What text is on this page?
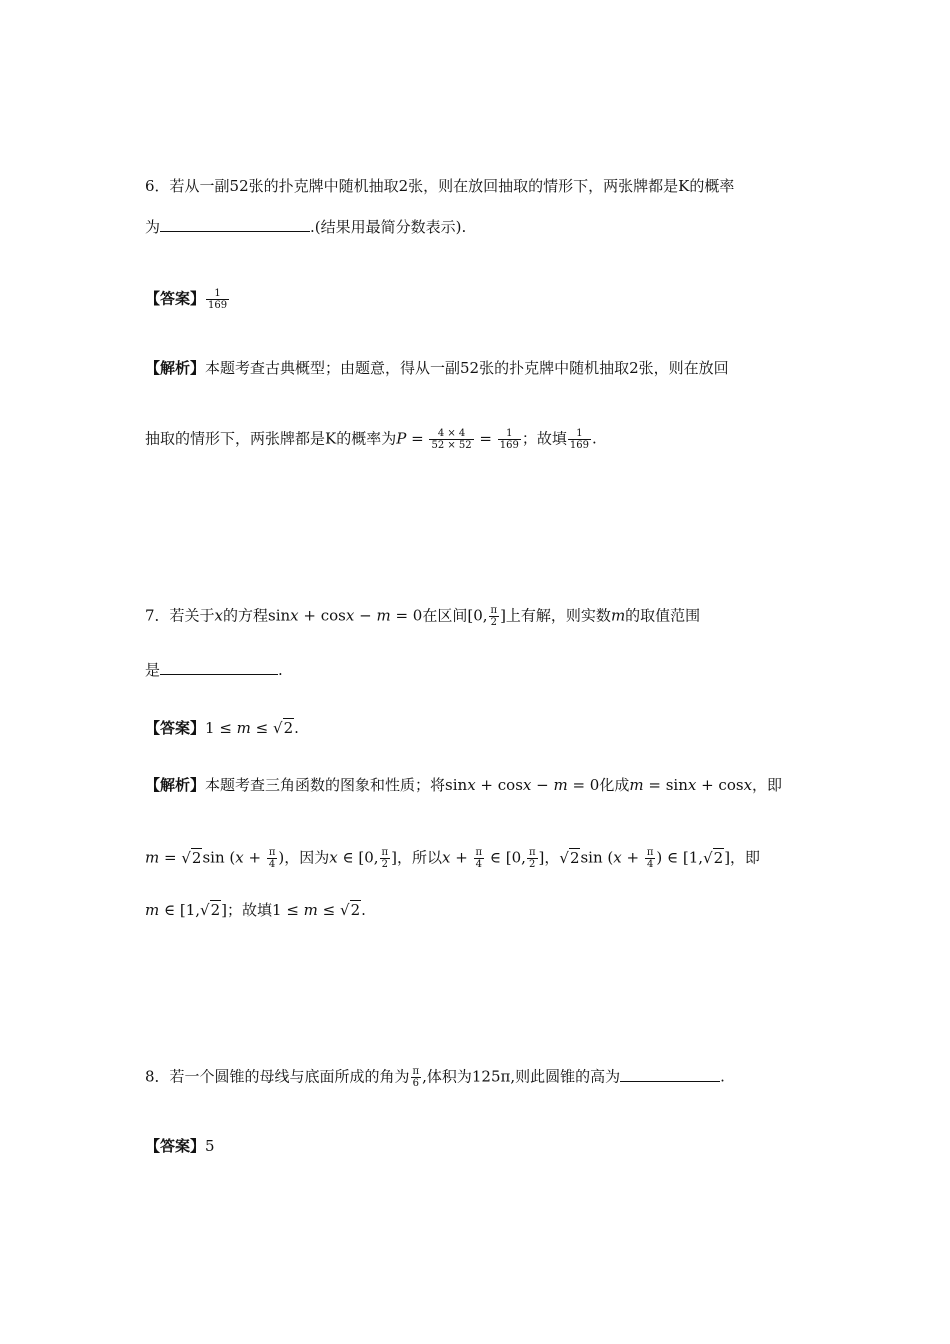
6．若从一副52张的扑克牌中随机抽取2张，则在放回抽取的情形下，两张牌都是K的概率
为	.(结果用最简分数表示).
【答案】 $\frac{1}{169}$
【解析】本题考查古典概型；由题意，得从一副52张的扑克牌中随机抽取2张，则在放回
抽取的情形下，两张牌都是K的概率为$P = \frac{4 \times 4}{52 \times 52} = \frac{1}{169}$ ；故填 $\frac{1}{169}$ .
7．若关于x的方程sinx + cosx − m = 0在区间[0, $\frac{\pi}{2}$ ]上有解，则实数m的取值范围
是	.
【答案】1 ≤ m ≤ √2.
【解析】本题考查三角函数的图象和性质；将sinx + cosx − m = 0化成m = sinx + cosx，即
m = √2sin ($x + \frac{\pi}{4}$ )，因为x ∈ [0, $\frac{\pi}{2}$ ]，所以$x + \frac{\pi}{4}$ ∈ [0, $\frac{\pi}{2}$ ]，√2sin ($x + \frac{\pi}{4}$ ) ∈ [1,√2]，即
m ∈ [1,√2]；故填1 ≤ m ≤ √2.
8．若一个圆锥的母线与底面所成的角为 $\frac{\pi}{6}$ ,体积为125π,则此圆锥的高为	.
【答案】5
